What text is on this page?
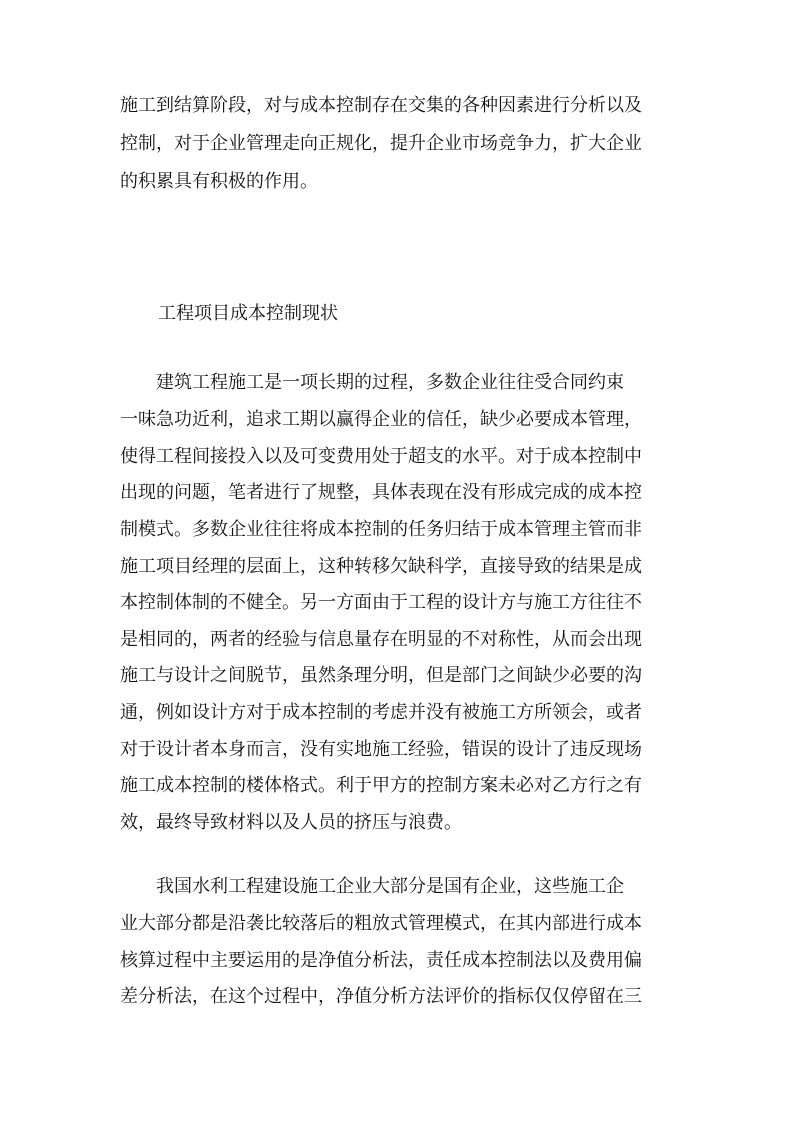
施工到结算阶段，对与成本控制存在交集的各种因素进行分析以及
控制，对于企业管理走向正规化，提升企业市场竞争力，扩大企业
的积累具有积极的作用。
工程项目成本控制现状
　　建筑工程施工是一项长期的过程，多数企业往往受合同约束
一味急功近利，追求工期以赢得企业的信任，缺少必要成本管理，
使得工程间接投入以及可变费用处于超支的水平。对于成本控制中
出现的问题，笔者进行了规整，具体表现在没有形成完成的成本控
制模式。多数企业往往将成本控制的任务归结于成本管理主管而非
施工项目经理的层面上，这种转移欠缺科学，直接导致的结果是成
本控制体制的不健全。另一方面由于工程的设计方与施工方往往不
是相同的，两者的经验与信息量存在明显的不对称性，从而会出现
施工与设计之间脱节，虽然条理分明，但是部门之间缺少必要的沟
通，例如设计方对于成本控制的考虑并没有被施工方所领会，或者
对于设计者本身而言，没有实地施工经验，错误的设计了违反现场
施工成本控制的楼体格式。利于甲方的控制方案未必对乙方行之有
效，最终导致材料以及人员的挤压与浪费。
　　我国水利工程建设施工企业大部分是国有企业，这些施工企
业大部分都是沿袭比较落后的粗放式管理模式，在其内部进行成本
核算过程中主要运用的是净值分析法，责任成本控制法以及费用偏
差分析法，在这个过程中，净值分析方法评价的指标仅仅停留在三
